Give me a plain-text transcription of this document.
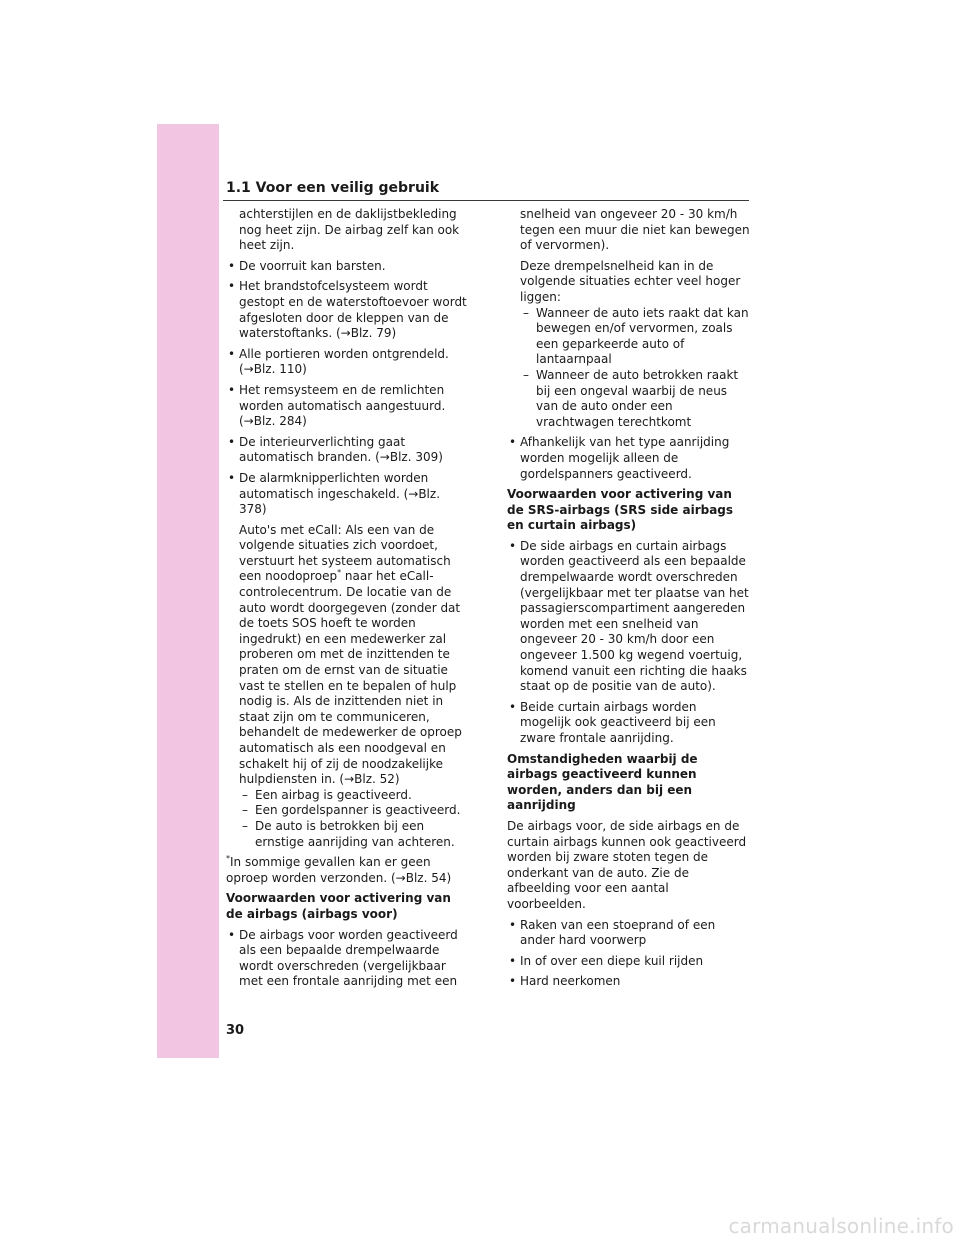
1.1 Voor een veilig gebruik

achterstijlen en de daklijstbekleding nog heet zijn. De airbag zelf kan ook heet zijn.

• De voorruit kan barsten.

• Het brandstofcelsysteem wordt gestopt en de waterstoftoevoer wordt afgesloten door de kleppen van de waterstoftanks. (→Blz. 79)

• Alle portieren worden ontgrendeld. (→Blz. 110)

• Het remsysteem en de remlichten worden automatisch aangestuurd. (→Blz. 284)

• De interieurverlichting gaat automatisch branden. (→Blz. 309)

• De alarmknipperlichten worden automatisch ingeschakeld. (→Blz. 378)

Auto's met eCall: Als een van de volgende situaties zich voordoet, verstuurt het systeem automatisch een noodoproep* naar het eCall-controlecentrum. De locatie van de auto wordt doorgegeven (zonder dat de toets SOS hoeft te worden ingedrukt) en een medewerker zal proberen om met de inzittenden te praten om de ernst van de situatie vast te stellen en te bepalen of hulp nodig is. Als de inzittenden niet in staat zijn om te communiceren, behandelt de medewerker de oproep automatisch als een noodgeval en schakelt hij of zij de noodzakelijke hulpdiensten in. (→Blz. 52)

– Een airbag is geactiveerd.

– Een gordelspanner is geactiveerd.

– De auto is betrokken bij een ernstige aanrijding van achteren.

*In sommige gevallen kan er geen oproep worden verzonden. (→Blz. 54)

Voorwaarden voor activering van de airbags (airbags voor)

• De airbags voor worden geactiveerd als een bepaalde drempelwaarde wordt overschreden (vergelijkbaar met een frontale aanrijding met een

snelheid van ongeveer 20 - 30 km/h tegen een muur die niet kan bewegen of vervormen).

Deze drempelsnelheid kan in de volgende situaties echter veel hoger liggen:

– Wanneer de auto iets raakt dat kan bewegen en/of vervormen, zoals een geparkeerde auto of lantaarnpaal

– Wanneer de auto betrokken raakt bij een ongeval waarbij de neus van de auto onder een vrachtwagen terechtkomt

• Afhankelijk van het type aanrijding worden mogelijk alleen de gordelspanners geactiveerd.

Voorwaarden voor activering van de SRS-airbags (SRS side airbags en curtain airbags)

• De side airbags en curtain airbags worden geactiveerd als een bepaalde drempelwaarde wordt overschreden (vergelijkbaar met ter plaatse van het passagierscompartiment aangereden worden met een snelheid van ongeveer 20 - 30 km/h door een ongeveer 1.500 kg wegend voertuig, komend vanuit een richting die haaks staat op de positie van de auto).

• Beide curtain airbags worden mogelijk ook geactiveerd bij een zware frontale aanrijding.

Omstandigheden waarbij de airbags geactiveerd kunnen worden, anders dan bij een aanrijding

De airbags voor, de side airbags en de curtain airbags kunnen ook geactiveerd worden bij zware stoten tegen de onderkant van de auto. Zie de afbeelding voor een aantal voorbeelden.

• Raken van een stoeprand of een ander hard voorwerp

• In of over een diepe kuil rijden

• Hard neerkomen

30
carmanualsonline.info
